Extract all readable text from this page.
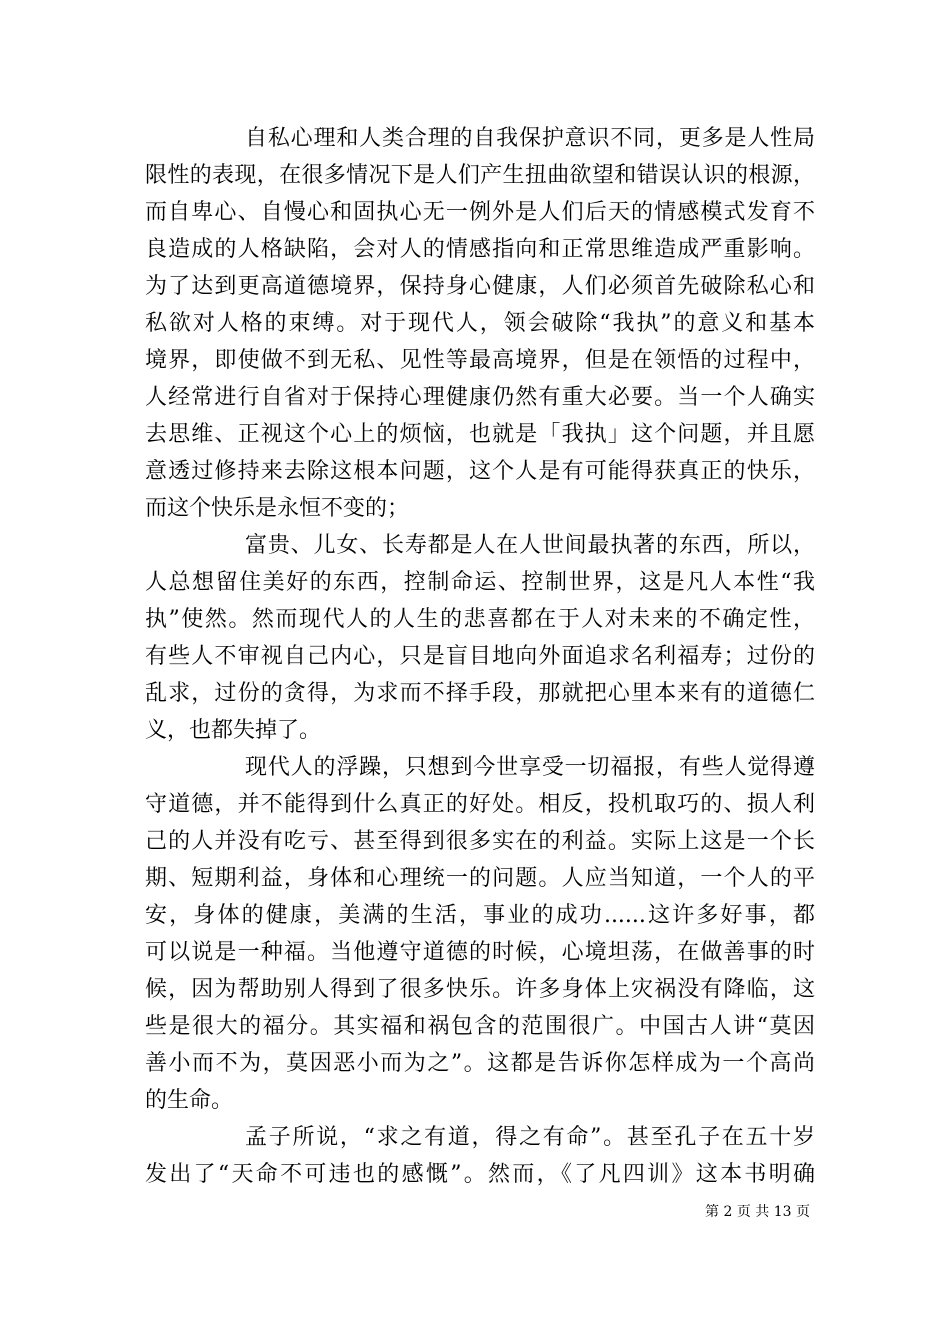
自私心理和人类合理的自我保护意识不同，更多是人性局
限性的表现，在很多情况下是人们产生扭曲欲望和错误认识的根源，
而自卑心、自慢心和固执心无一例外是人们后天的情感模式发育不
良造成的人格缺陷，会对人的情感指向和正常思维造成严重影响。
为了达到更高道德境界，保持身心健康，人们必须首先破除私心和
私欲对人格的束缚。对于现代人，领会破除“我执”的意义和基本
境界，即使做不到无私、见性等最高境界，但是在领悟的过程中，
人经常进行自省对于保持心理健康仍然有重大必要。当一个人确实
去思维、正视这个心上的烦恼，也就是「我执」这个问题，并且愿
意透过修持来去除这根本问题，这个人是有可能得获真正的快乐，
而这个快乐是永恒不变的；
富贵、儿女、长寿都是人在人世间最执著的东西，所以，
人总想留住美好的东西，控制命运、控制世界，这是凡人本性“我
执”使然。然而现代人的人生的悲喜都在于人对未来的不确定性，
有些人不审视自己内心，只是盲目地向外面追求名利福寿；过份的
乱求，过份的贪得，为求而不择手段，那就把心里本来有的道德仁
义，也都失掉了。
现代人的浮躁，只想到今世享受一切福报，有些人觉得遵
守道德，并不能得到什么真正的好处。相反，投机取巧的、损人利
己的人并没有吃亏、甚至得到很多实在的利益。实际上这是一个长
期、短期利益，身体和心理统一的问题。人应当知道，一个人的平
安，身体的健康，美满的生活，事业的成功......这许多好事，都
可以说是一种福。当他遵守道德的时候，心境坦荡，在做善事的时
候，因为帮助别人得到了很多快乐。许多身体上灾祸没有降临，这
些是很大的福分。其实福和祸包含的范围很广。中国古人讲“莫因
善小而不为，莫因恶小而为之”。这都是告诉你怎样成为一个高尚
的生命。
孟子所说，“求之有道，得之有命”。甚至孔子在五十岁
发出了“天命不可违也的感慨”。然而，《了凡四训》这本书明确
第 2 页 共 13 页
